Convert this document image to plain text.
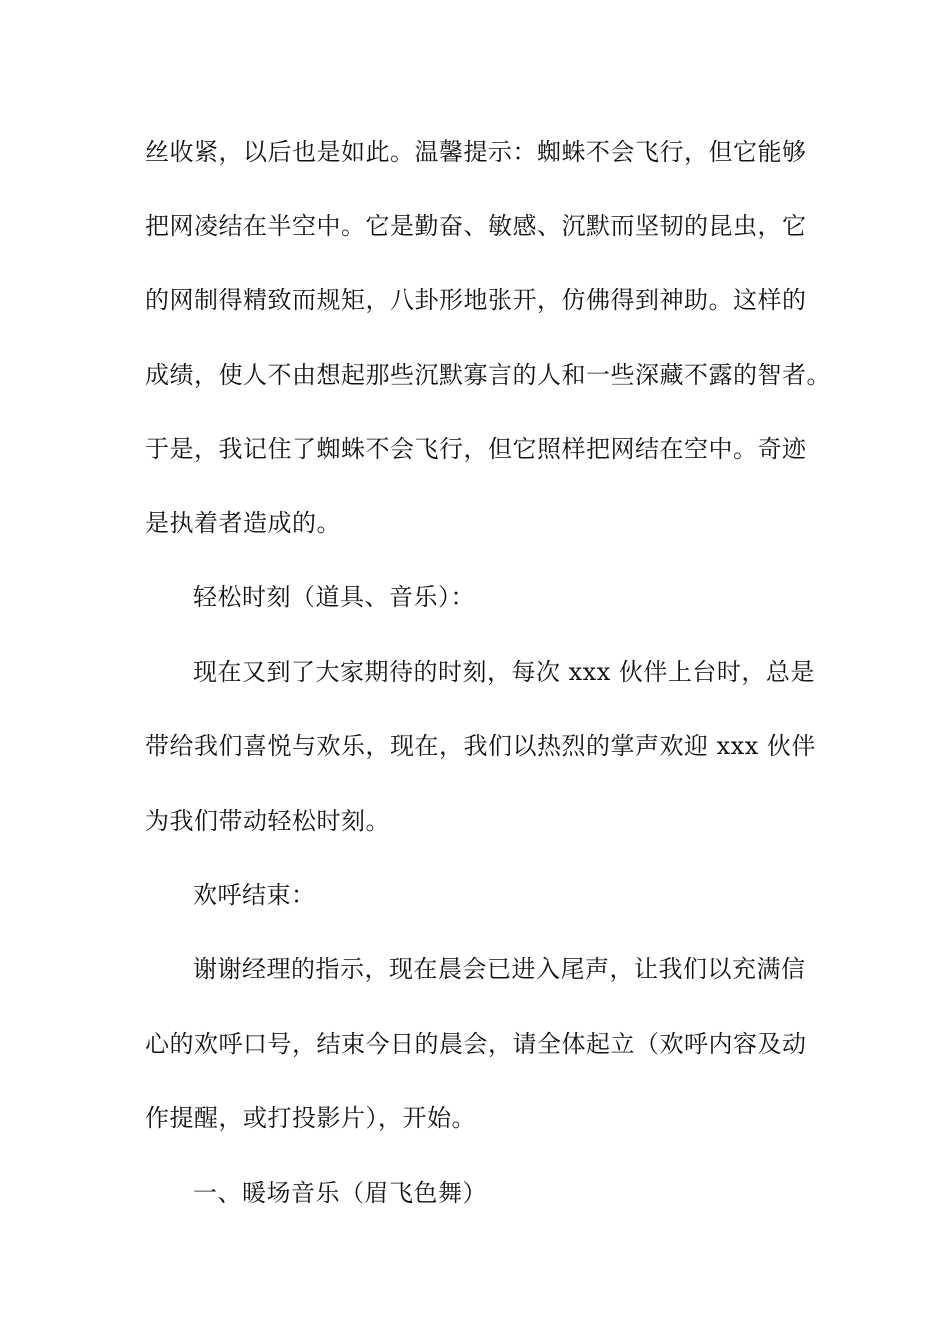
丝收紧，以后也是如此。温馨提示：蜘蛛不会飞行，但它能够
把网凌结在半空中。它是勤奋、敏感、沉默而坚韧的昆虫，它
的网制得精致而规矩，八卦形地张开，仿佛得到神助。这样的
成绩，使人不由想起那些沉默寡言的人和一些深藏不露的智者。
于是，我记住了蜘蛛不会飞行，但它照样把网结在空中。奇迹
是执着者造成的。
轻松时刻（道具、音乐）：
现在又到了大家期待的时刻，每次 xxx 伙伴上台时，总是
带给我们喜悦与欢乐，现在，我们以热烈的掌声欢迎 xxx 伙伴
为我们带动轻松时刻。
欢呼结束：
谢谢经理的指示，现在晨会已进入尾声，让我们以充满信
心的欢呼口号，结束今日的晨会，请全体起立（欢呼内容及动
作提醒，或打投影片），开始。
一、暖场音乐（眉飞色舞）
